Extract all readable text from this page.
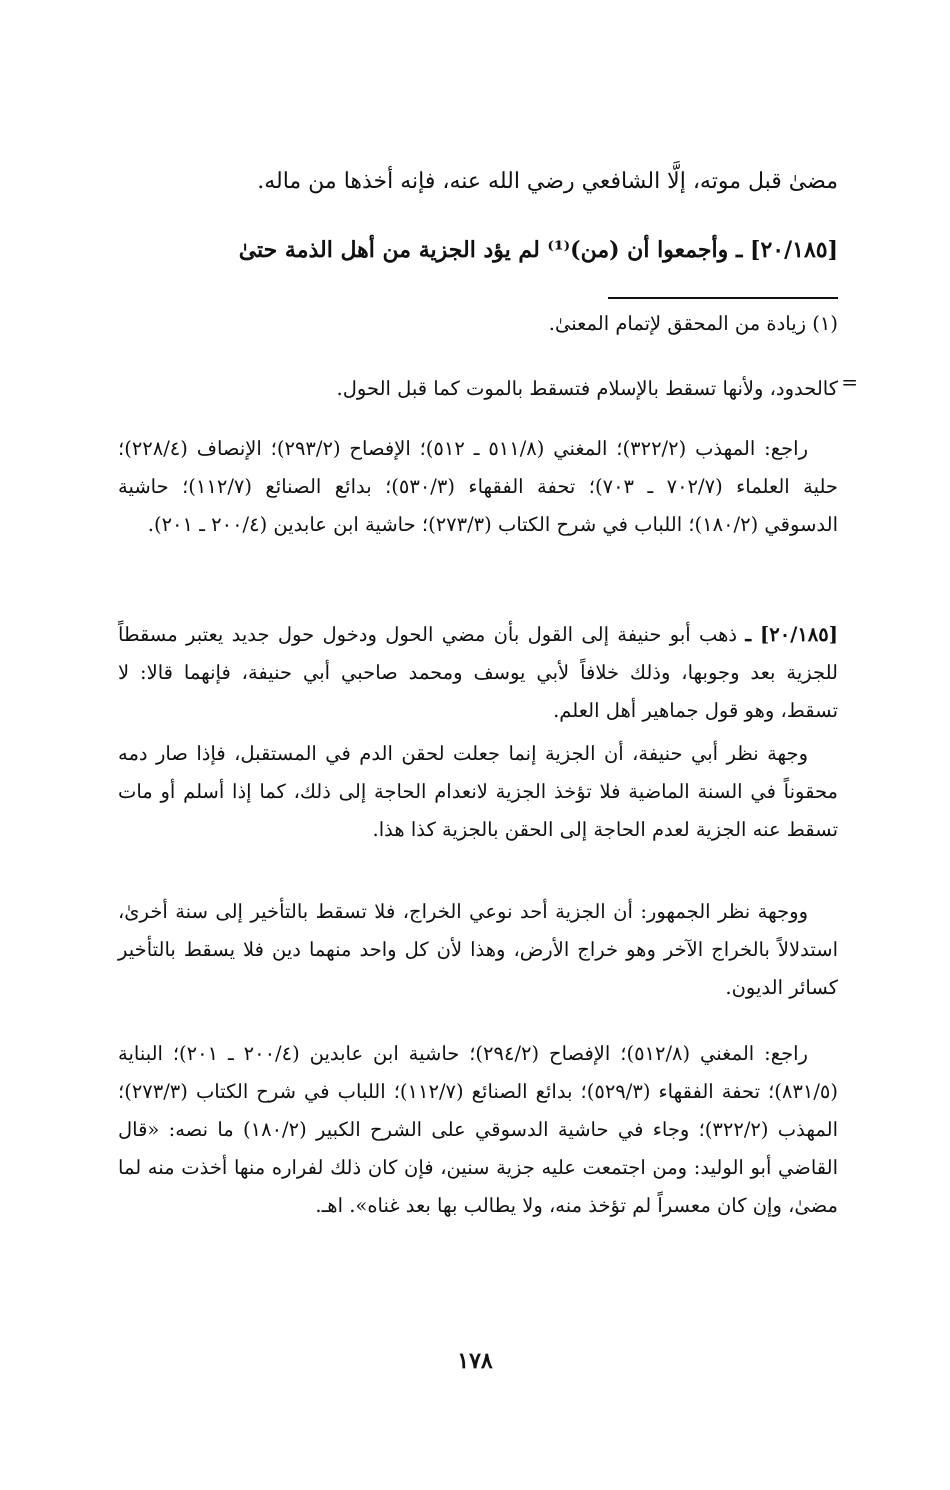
مضىٰ قبل موته، إلَّا الشافعي رضي الله عنه، فإنه أخذها من ماله.
[٢٠/١٨٥] ـ وأجمعوا أن (من)⁽¹⁾ لم يؤد الجزية من أهل الذمة حتىٰ
(١) زيادة من المحقق لإتمام المعنىٰ.
=
كالحدود، ولأنها تسقط بالإسلام فتسقط بالموت كما قبل الحول.
راجع: المهذب (٣٢٢/٢)؛ المغني (٥١١/٨ ـ ٥١٢)؛ الإفصاح (٢٩٣/٢)؛ الإنصاف (٢٢٨/٤)؛ حلية العلماء (٧٠٢/٧ ـ ٧٠٣)؛ تحفة الفقهاء (٥٣٠/٣)؛ بدائع الصنائع (١١٢/٧)؛ حاشية الدسوقي (١٨٠/٢)؛ اللباب في شرح الكتاب (٢٧٣/٣)؛ حاشية ابن عابدين (٢٠٠/٤ ـ ٢٠١).
[٢٠/١٨٥] ـ ذهب أبو حنيفة إلى القول بأن مضي الحول ودخول حول جديد يعتبر مسقطاً للجزية بعد وجوبها، وذلك خلافاً لأبي يوسف ومحمد صاحبي أبي حنيفة، فإنهما قالا: لا تسقط، وهو قول جماهير أهل العلم.
وجهة نظر أبي حنيفة، أن الجزية إنما جعلت لحقن الدم في المستقبل، فإذا صار دمه محقوناً في السنة الماضية فلا تؤخذ الجزية لانعدام الحاجة إلى ذلك، كما إذا أسلم أو مات تسقط عنه الجزية لعدم الحاجة إلى الحقن بالجزية كذا هذا.
ووجهة نظر الجمهور: أن الجزية أحد نوعي الخراج، فلا تسقط بالتأخير إلى سنة أخرىٰ، استدلالاً بالخراج الآخر وهو خراج الأرض، وهذا لأن كل واحد منهما دين فلا يسقط بالتأخير كسائر الديون.
راجع: المغني (٥١٢/٨)؛ الإفصاح (٢٩٤/٢)؛ حاشية ابن عابدين (٢٠٠/٤ ـ ٢٠١)؛ البناية (٨٣١/٥)؛ تحفة الفقهاء (٥٢٩/٣)؛ بدائع الصنائع (١١٢/٧)؛ اللباب في شرح الكتاب (٢٧٣/٣)؛ المهذب (٣٢٢/٢)؛ وجاء في حاشية الدسوقي على الشرح الكبير (١٨٠/٢) ما نصه: «قال القاضي أبو الوليد: ومن اجتمعت عليه جزية سنين، فإن كان ذلك لفراره منها أخذت منه لما مضىٰ، وإن كان معسراً لم تؤخذ منه، ولا يطالب بها بعد غناه». اهـ.
١٧٨
